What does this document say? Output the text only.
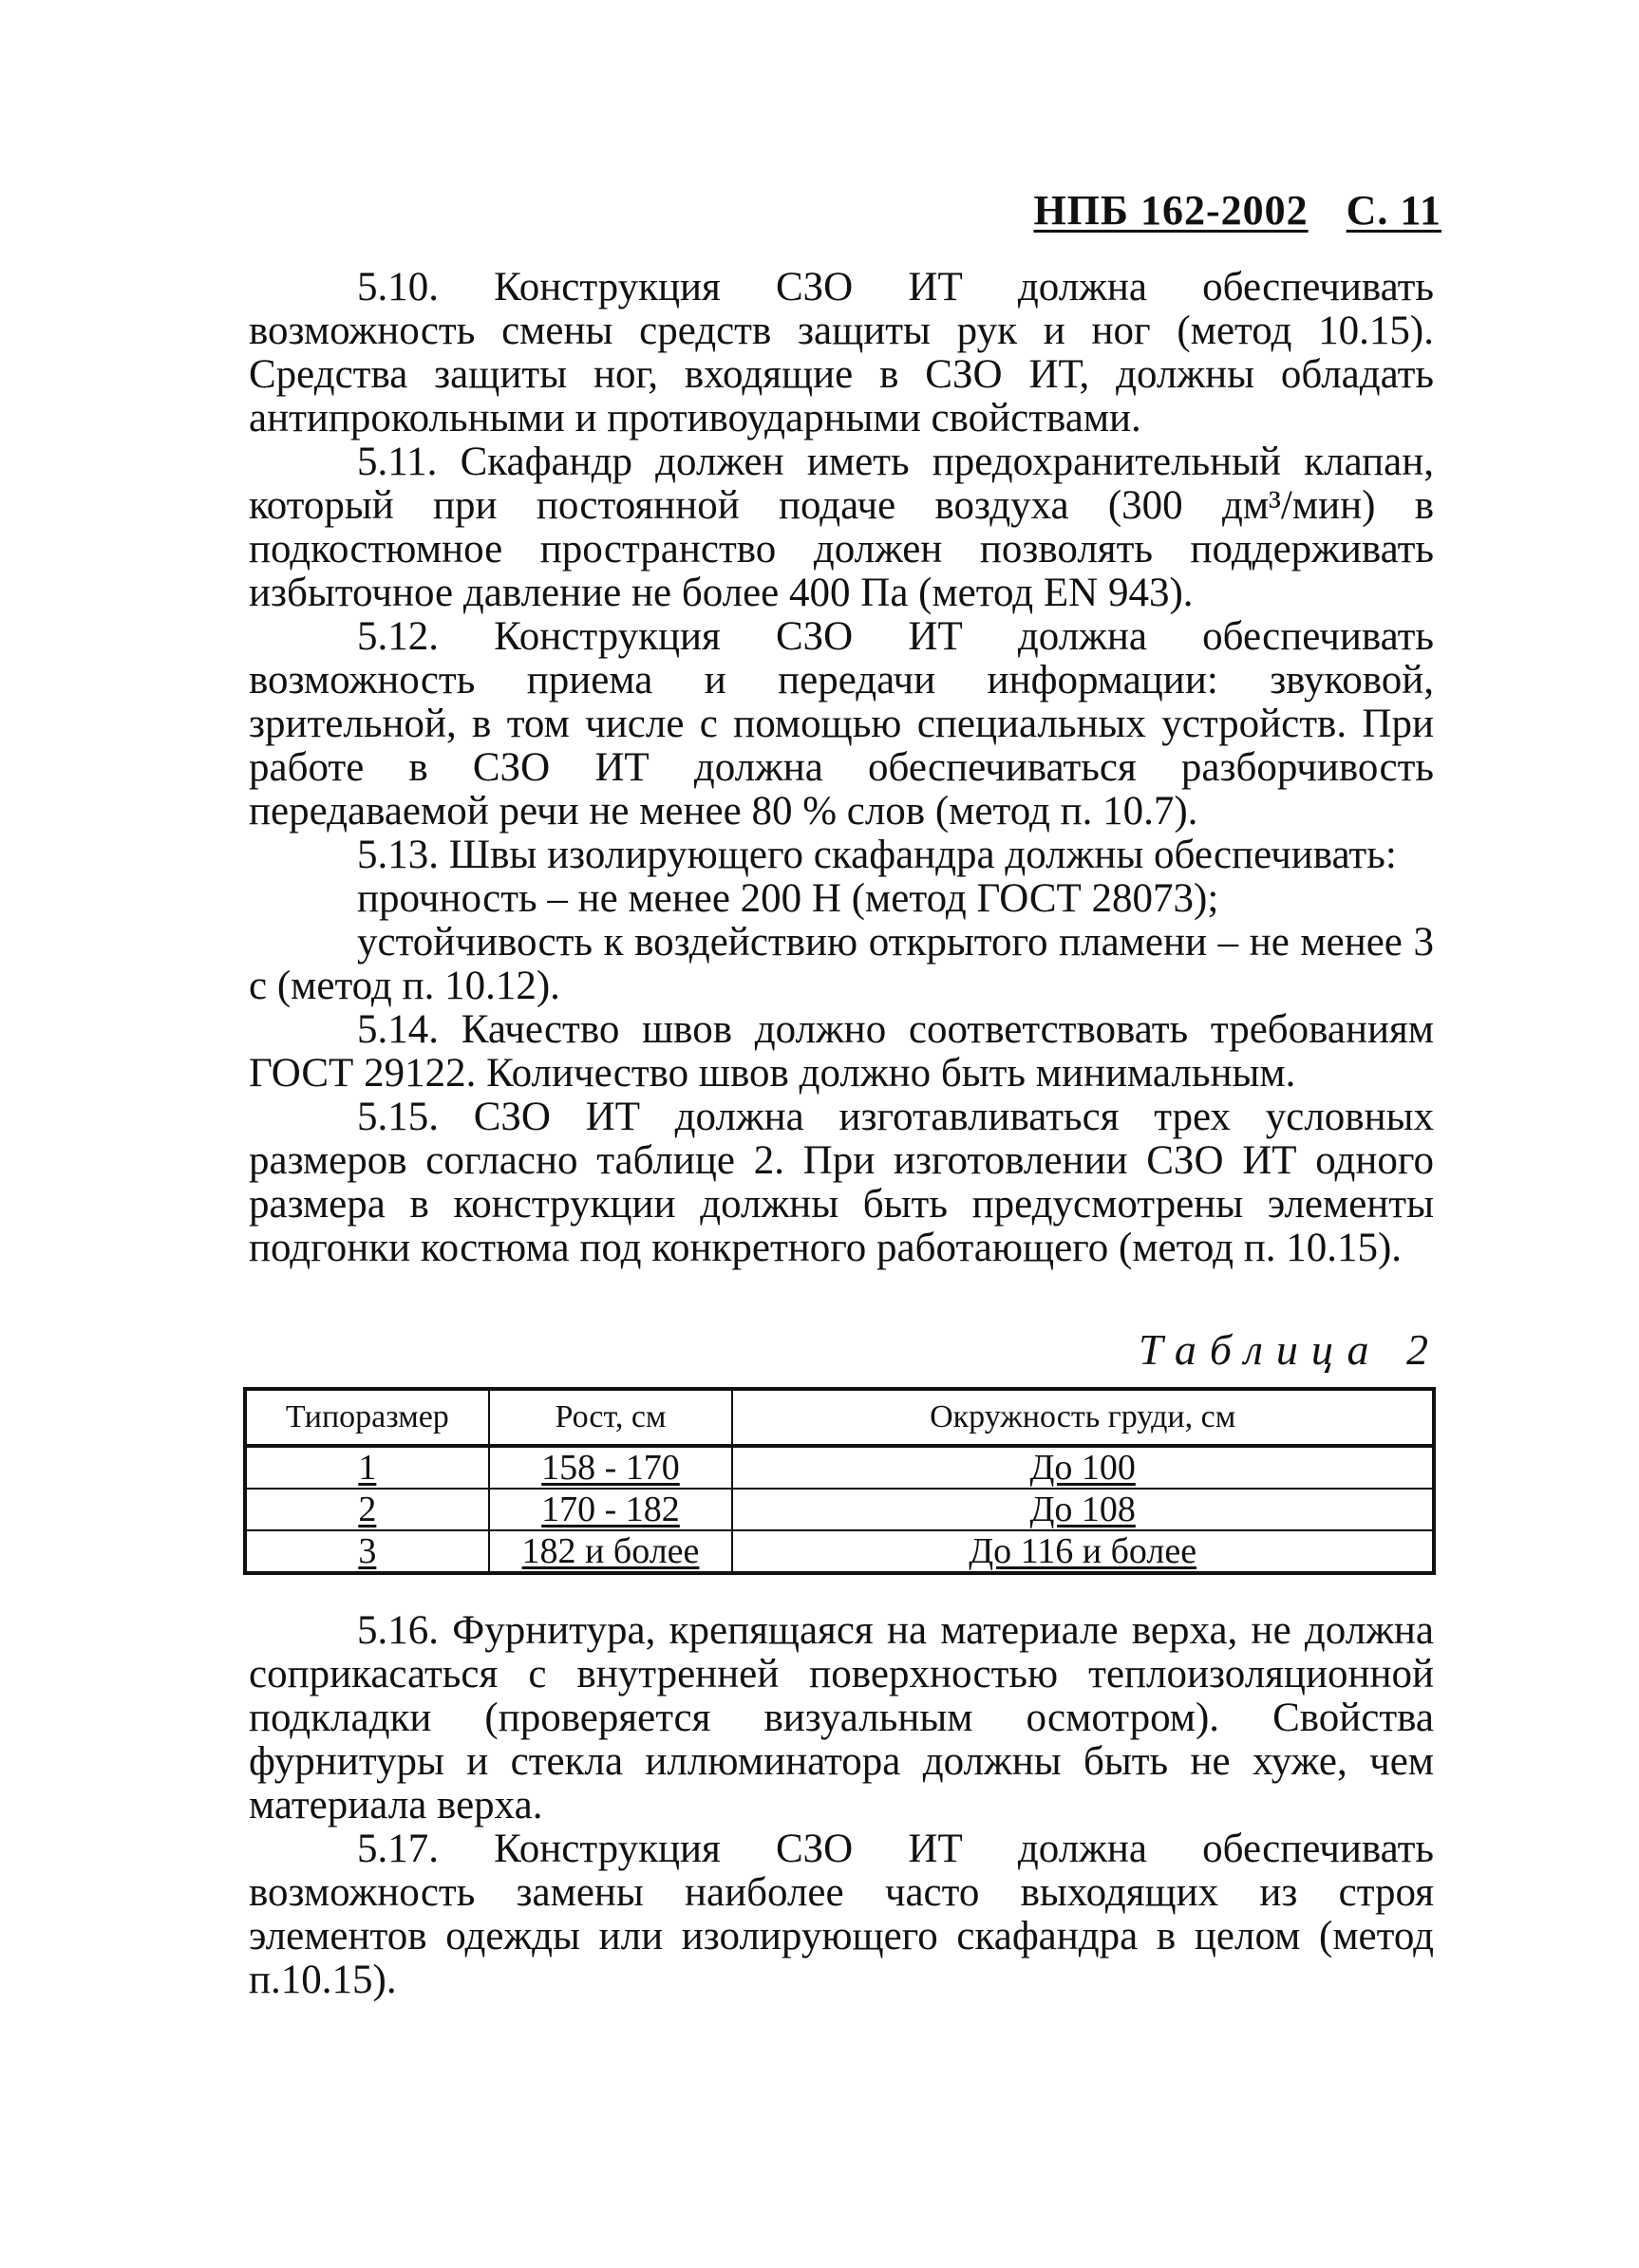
НПБ 162-2002 С. 11

5.10. Конструкция СЗО ИТ должна обеспечивать возможность смены средств защиты рук и ног (метод 10.15). Средства защиты ног, входящие в СЗО ИТ, должны обладать антипрокольными и противоударными свойствами.

5.11. Скафандр должен иметь предохранительный клапан, который при постоянной подаче воздуха (300 дм³/мин) в подкостюмное пространство должен позволять поддерживать избыточное давление не более 400 Па (метод EN 943).

5.12. Конструкция СЗО ИТ должна обеспечивать возможность приема и передачи информации: звуковой, зрительной, в том числе с помощью специальных устройств. При работе в СЗО ИТ должна обеспечиваться разборчивость передаваемой речи не менее 80 % слов (метод п. 10.7).

5.13. Швы изолирующего скафандра должны обеспечивать:

прочность – не менее 200 Н (метод ГОСТ 28073);

устойчивость к воздействию открытого пламени – не менее 3 с (метод п. 10.12).

5.14. Качество швов должно соответствовать требованиям ГОСТ 29122. Количество швов должно быть минимальным.

5.15. СЗО ИТ должна изготавливаться трех условных размеров согласно таблице 2. При изготовлении СЗО ИТ одного размера в конструкции должны быть предусмотрены элементы подгонки костюма под конкретного работающего (метод п. 10.15).

Таблица 2
Типоразмер	Рост, см	Окружность груди, см
1	158 - 170	До 100
2	170 - 182	До 108
3	182 и более	До 116 и более

5.16. Фурнитура, крепящаяся на материале верха, не должна соприкасаться с внутренней поверхностью теплоизоляционной подкладки (проверяется визуальным осмотром). Свойства фурнитуры и стекла иллюминатора должны быть не хуже, чем материала верха.

5.17. Конструкция СЗО ИТ должна обеспечивать возможность замены наиболее часто выходящих из строя элементов одежды или изолирующего скафандра в целом (метод п.10.15).
